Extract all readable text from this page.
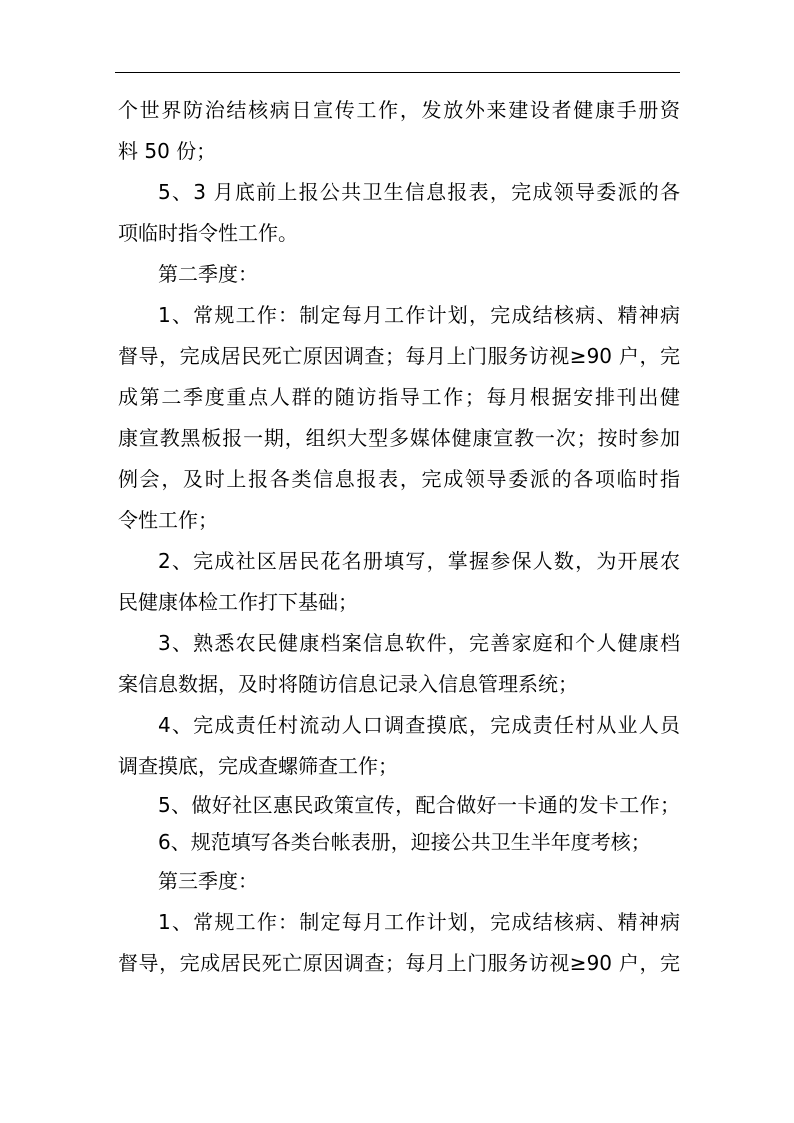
个世界防治结核病日宣传工作，发放外来建设者健康手册资
料 50 份；
5、3 月底前上报公共卫生信息报表，完成领导委派的各
项临时指令性工作。
第二季度：
1、常规工作：制定每月工作计划，完成结核病、精神病
督导，完成居民死亡原因调查；每月上门服务访视≥90 户，完
成第二季度重点人群的随访指导工作；每月根据安排刊出健
康宣教黑板报一期，组织大型多媒体健康宣教一次；按时参加
例会，及时上报各类信息报表，完成领导委派的各项临时指
令性工作；
2、完成社区居民花名册填写，掌握参保人数，为开展农
民健康体检工作打下基础；
3、熟悉农民健康档案信息软件，完善家庭和个人健康档
案信息数据，及时将随访信息记录入信息管理系统；
4、完成责任村流动人口调查摸底，完成责任村从业人员
调查摸底，完成查螺筛查工作；
5、做好社区惠民政策宣传，配合做好一卡通的发卡工作；
6、规范填写各类台帐表册，迎接公共卫生半年度考核；
第三季度：
1、常规工作：制定每月工作计划，完成结核病、精神病
督导，完成居民死亡原因调查；每月上门服务访视≥90 户，完
